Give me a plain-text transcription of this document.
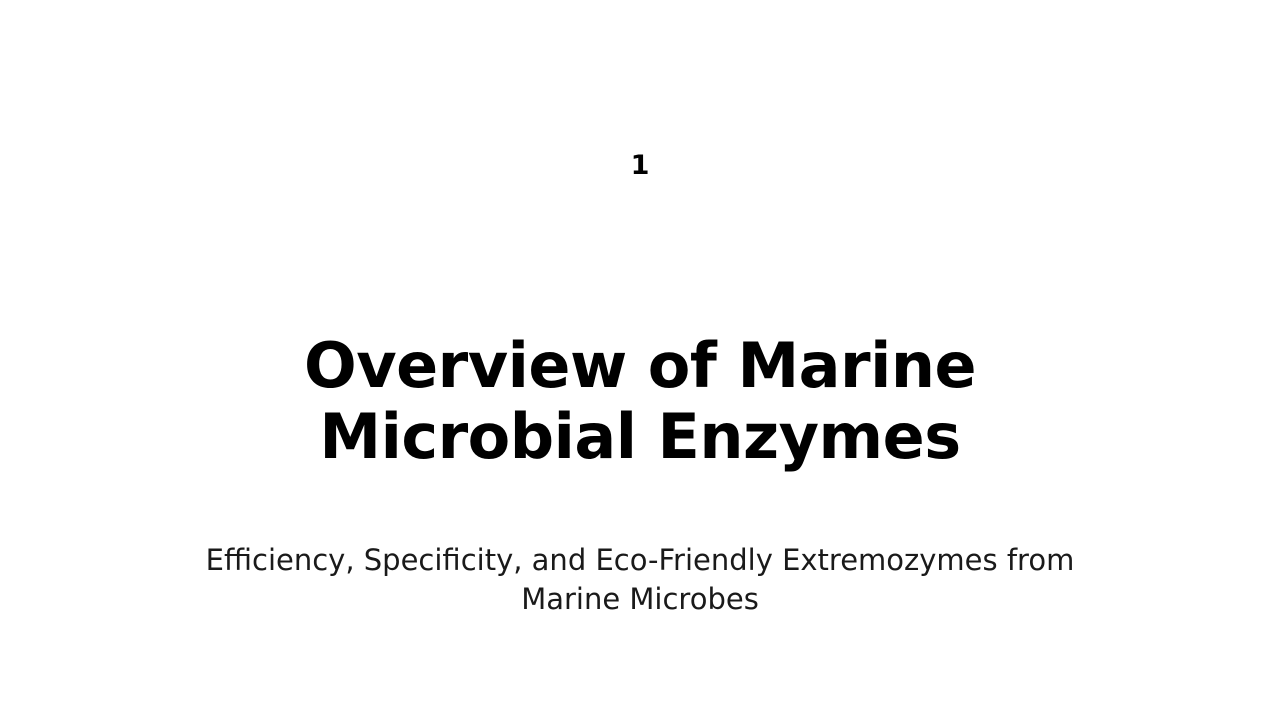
1
Overview of Marine Microbial Enzymes

Efficiency, Specificity, and Eco-Friendly Extremozymes from Marine Microbes
